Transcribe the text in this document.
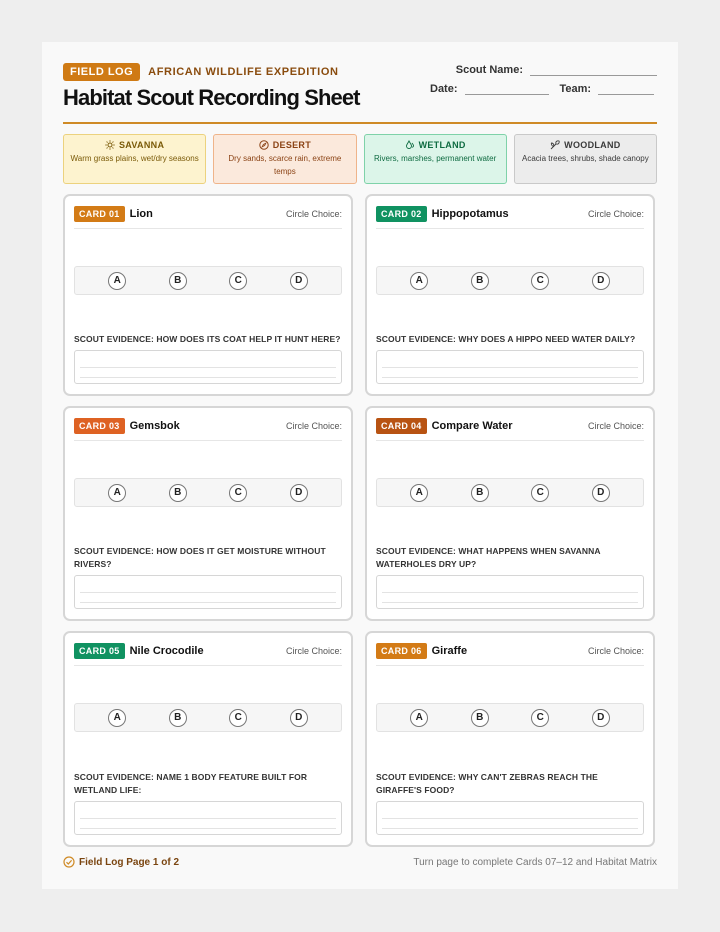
FIELD LOG	AFRICAN WILDLIFE EXPEDITION
Habitat Scout Recording Sheet
Scout Name:
Date:	Team:
SAVANNA
Warm grass plains, wet/dry seasons
DESERT
Dry sands, scarce rain, extreme temps
WETLAND
Rivers, marshes, permanent water
WOODLAND
Acacia trees, shrubs, shade canopy
CARD 01 Lion	Circle Choice:
A	B	C	D
SCOUT EVIDENCE: HOW DOES ITS COAT HELP IT HUNT HERE?
CARD 02 Hippopotamus	Circle Choice:
A	B	C	D
SCOUT EVIDENCE: WHY DOES A HIPPO NEED WATER DAILY?
CARD 03 Gemsbok	Circle Choice:
A	B	C	D
SCOUT EVIDENCE: HOW DOES IT GET MOISTURE WITHOUT RIVERS?
CARD 04 Compare Water	Circle Choice:
A	B	C	D
SCOUT EVIDENCE: WHAT HAPPENS WHEN SAVANNA WATERHOLES DRY UP?
CARD 05 Nile Crocodile	Circle Choice:
A	B	C	D
SCOUT EVIDENCE: NAME 1 BODY FEATURE BUILT FOR WETLAND LIFE:
CARD 06 Giraffe	Circle Choice:
A	B	C	D
SCOUT EVIDENCE: WHY CAN'T ZEBRAS REACH THE GIRAFFE'S FOOD?
Field Log Page 1 of 2	Turn page to complete Cards 07–12 and Habitat Matrix
